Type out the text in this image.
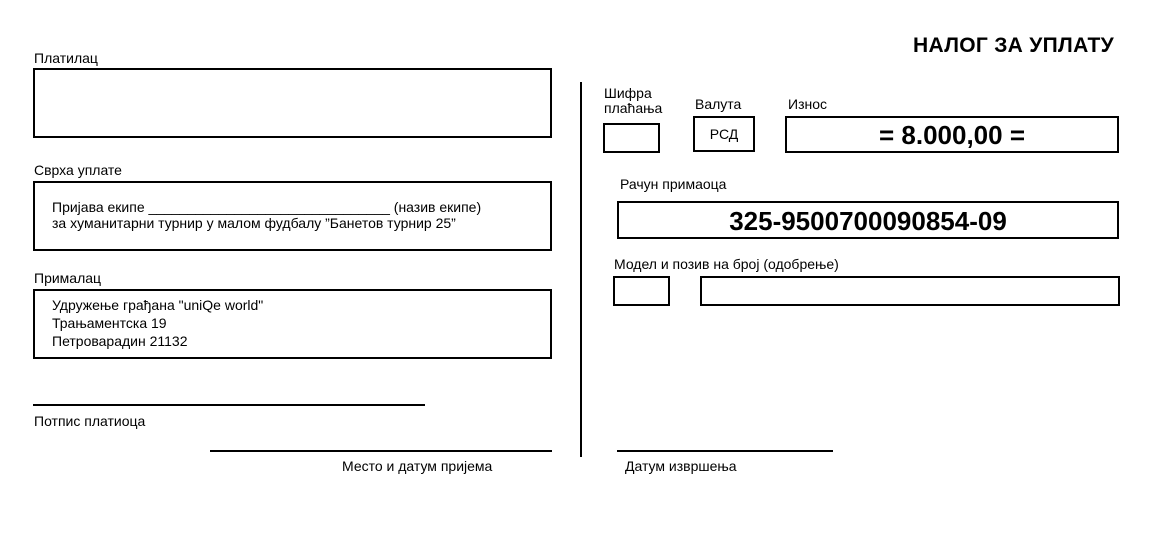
НАЛОГ ЗА УПЛАТУ
Платилац
Сврха уплате
Пријава екипе _______________________________ (назив екипе)
за хуманитарни турнир у малом фудбалу ”Банетов турнир 25”
Прималац
Удружење грађана "uniQe world"
Трањаментска 19
Петроварадин 21132
Потпис платиоца
Место и датум пријема
Шифра
плаћања Валута
РСД
Износ
= 8.000,00 =
Рачун примаоца
325-9500700090854-09
Модел и позив на број (одобрење)
Датум извршења
